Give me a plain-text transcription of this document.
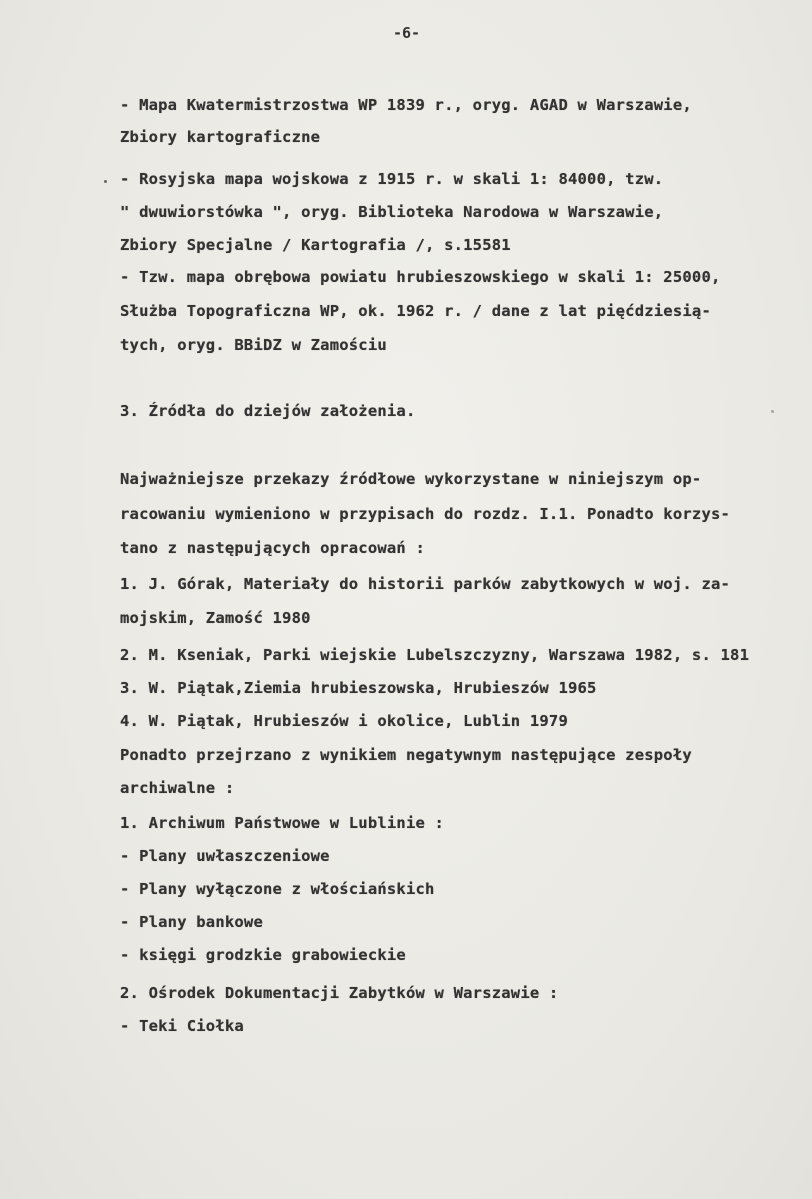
-6-
- Mapa Kwatermistrzostwa WP 1839 r., oryg. AGAD w Warszawie,
Zbiory kartograficzne
- Rosyjska mapa wojskowa z 1915 r. w skali 1: 84000, tzw.
" dwuwiorstówka ", oryg. Biblioteka Narodowa w Warszawie,
Zbiory Specjalne / Kartografia /, s.15581
- Tzw. mapa obrębowa powiatu hrubieszowskiego w skali 1: 25000,
Służba Topograficzna WP, ok. 1962 r. / dane z lat pięćdziesią-
tych, oryg. BBiDZ w Zamościu
3. Źródła do dziejów założenia.
Najważniejsze przekazy źródłowe wykorzystane w niniejszym op-
racowaniu wymieniono w przypisach do rozdz. I.1. Ponadto korzys-
tano z następujących opracowań :
1. J. Górak, Materiały do historii parków zabytkowych w woj. za-
mojskim, Zamość 1980
2. M. Kseniak, Parki wiejskie Lubelszczyzny, Warszawa 1982, s. 181
3. W. Piątak,Ziemia hrubieszowska, Hrubieszów 1965
4. W. Piątak, Hrubieszów i okolice, Lublin 1979
Ponadto przejrzano z wynikiem negatywnym następujące zespoły
archiwalne :
1. Archiwum Państwowe w Lublinie :
- Plany uwłaszczeniowe
- Plany wyłączone z włościańskich
- Plany bankowe
- księgi grodzkie grabowieckie
2. Ośrodek Dokumentacji Zabytków w Warszawie :
- Teki Ciołka
